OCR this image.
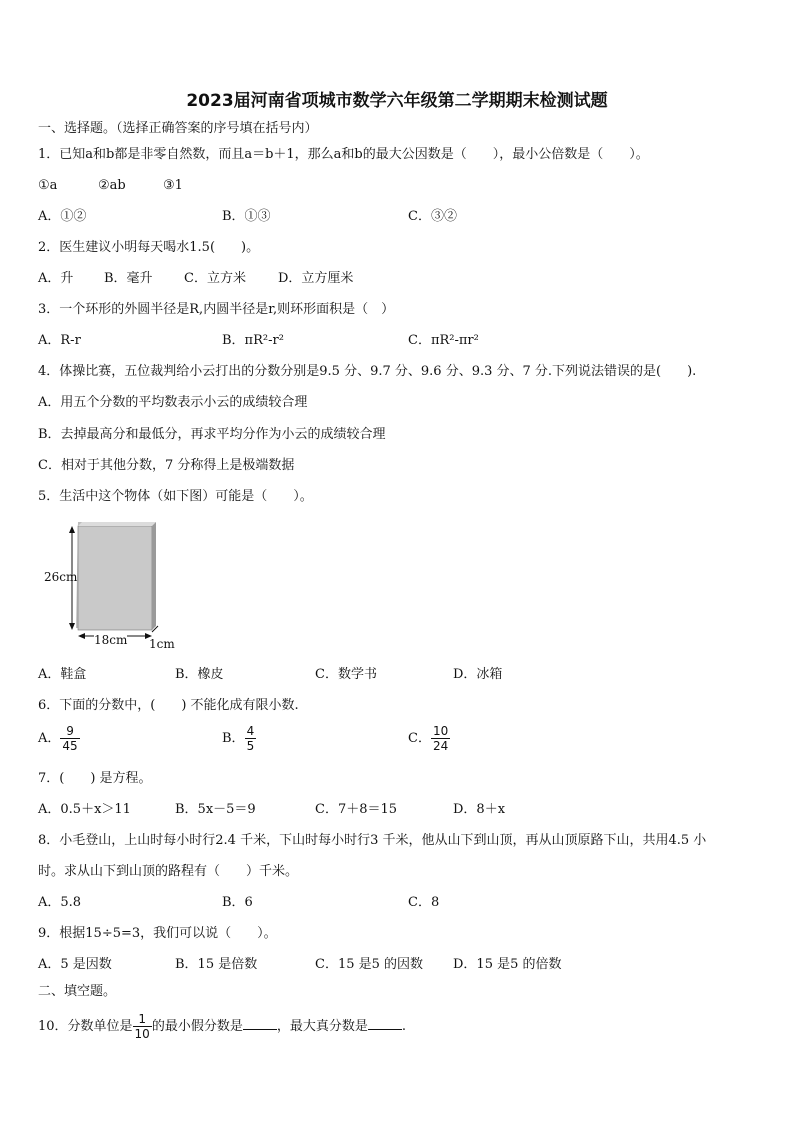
2023届河南省项城市数学六年级第二学期期末检测试题
一、选择题。（选择正确答案的序号填在括号内）
1．已知a和b都是非零自然数，而且a＝b＋1，那么a和b的最大公因数是（　　），最小公倍数是（　　）。
①a	②ab	③1
A．①②	B．①③	C．③②
2．医生建议小明每天喝水1.5(　　)。
A．升 B．毫升 C．立方米 D．立方厘米
3．一个环形的外圆半径是R,内圆半径是r,则环形面积是（　）
A．R-r	B．πR²-r²	C．πR²-πr²
4．体操比赛，五位裁判给小云打出的分数分别是9.5 分、9.7 分、9.6 分、9.3 分、7 分.下列说法错误的是(　　).
A．用五个分数的平均数表示小云的成绩较合理
B．去掉最高分和最低分，再求平均分作为小云的成绩较合理
C．相对于其他分数，7 分称得上是极端数据
5．生活中这个物体（如下图）可能是（　　）。
26cm
18cm 1cm
A．鞋盒	B．橡皮	C．数学书	D．冰箱
6．下面的分数中，(　　) 不能化成有限小数.
A． $\frac{9}{45}$	B． $\frac{4}{5}$	C． $\frac{10}{24}$
7．(　　) 是方程。
A．0.5＋x＞11	B．5x－5＝9	C．7＋8＝15	D．8＋x
8．小毛登山，上山时每小时行2.4 千米，下山时每小时行3 千米，他从山下到山顶，再从山顶原路下山，共用4.5 小
时。求从山下到山顶的路程有（　　）千米。
A．5.8	B．6	C．8
9．根据15÷5=3，我们可以说（　　）。
A．5 是因数	B．15 是倍数	C．15 是5 的因数 D．15 是5 的倍数
二、填空题。
10．分数单位是 $\frac{1}{10}$ 的最小假分数是	，最大真分数是	.
